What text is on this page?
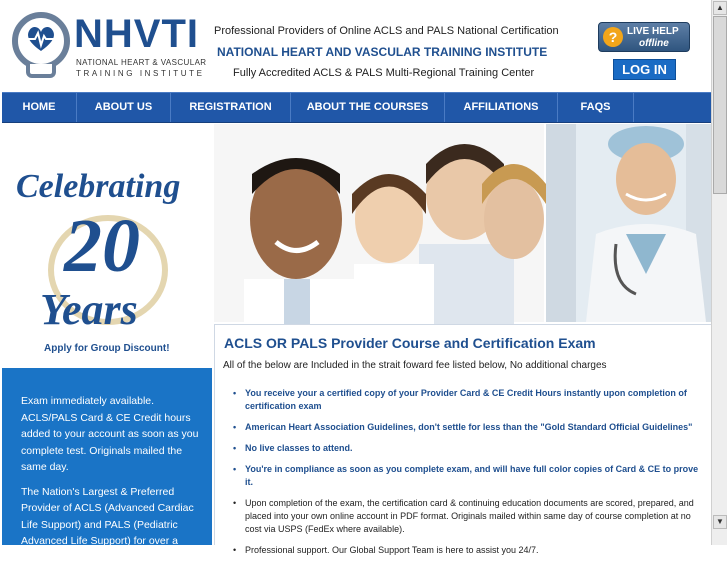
NHVTI
NATIONAL HEART & VASCULAR
TRAINING INSTITUTE
Professional Providers of Online ACLS and PALS National Certification
NATIONAL HEART AND VASCULAR TRAINING INSTITUTE
Fully Accredited ACLS & PALS Multi-Regional Training Center
? LIVE HELP
offline
LOG IN
HOME	ABOUT US	REGISTRATION	ABOUT THE COURSES	AFFILIATIONS	FAQS
Celebrating
20
Years
Apply for Group Discount!

Exam immediately available. ACLS/PALS Card & CE Credit hours added to your account as soon as you complete test. Originals mailed the same day.

The Nation's Largest & Preferred Provider of ACLS (Advanced Cardiac Life Support) and PALS (Pediatric Advanced Life Support) for over a

ACLS OR PALS Provider Course and Certification Exam
All of the below are Included in the strait foward fee listed below, No additional charges
• You receive your a certified copy of your Provider Card & CE Credit Hours instantly upon completion of certification exam
• American Heart Association Guidelines, don't settle for less than the "Gold Standard Official Guidelines"
• No live classes to attend.
• You're in compliance as soon as you complete exam, and will have full color copies of Card & CE to prove it.
• Upon completion of the exam, the certification card & continuing education documents are scored, prepared, and placed into your own online account in PDF format. Originals mailed within same day of course completion at no cost via USPS (FedEx where available).
• Professional support. Our Global Support Team is here to assist you 24/7.
▲
▼
